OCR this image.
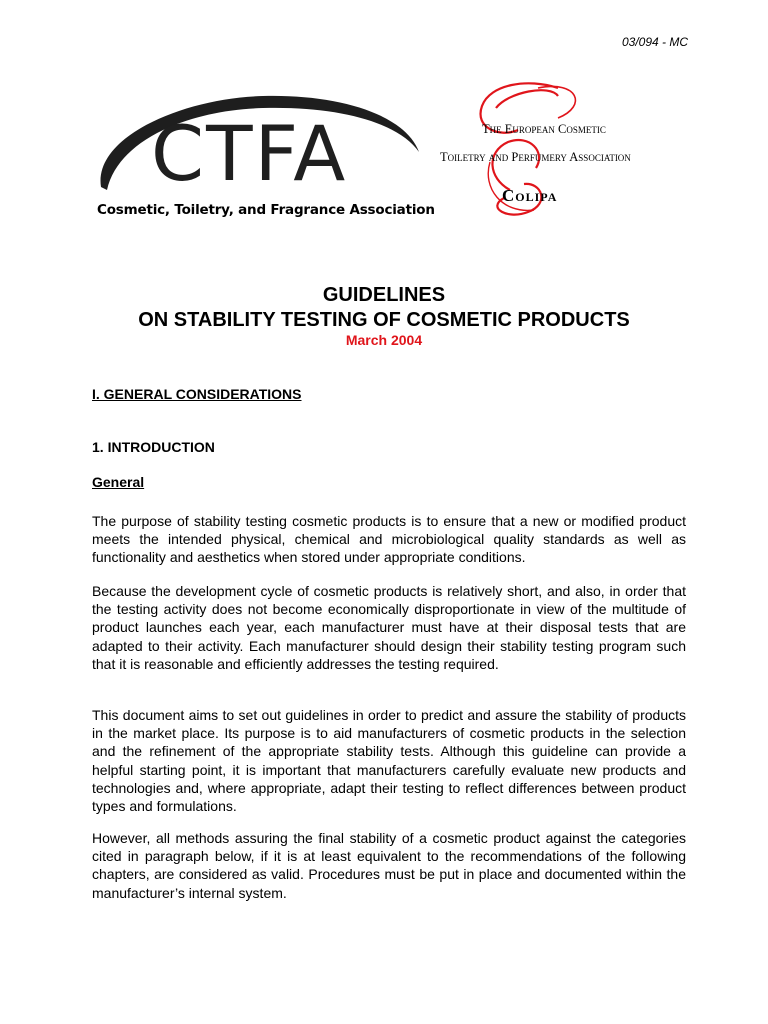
03/094 - MC
CTFA
Cosmetic, Toiletry, and Fragrance Association
The European Cosmetic
Toiletry and Perfumery Association
Colipa
GUIDELINES
ON STABILITY TESTING OF COSMETIC PRODUCTS
March 2004
I. GENERAL CONSIDERATIONS
1. INTRODUCTION
General

The purpose of stability testing cosmetic products is to ensure that a new or modified product meets the intended physical, chemical and microbiological quality standards as well as functionality and aesthetics when stored under appropriate conditions.

Because the development cycle of cosmetic products is relatively short, and also, in order that the testing activity does not become economically disproportionate in view of the multitude of product launches each year, each manufacturer must have at their disposal tests that are adapted to their activity. Each manufacturer should design their stability testing program such that it is reasonable and efficiently addresses the testing required.

This document aims to set out guidelines in order to predict and assure the stability of products in the market place. Its purpose is to aid manufacturers of cosmetic products in the selection and the refinement of the appropriate stability tests. Although this guideline can provide a helpful starting point, it is important that manufacturers carefully evaluate new products and technologies and, where appropriate, adapt their testing to reflect differences between product types and formulations.

However, all methods assuring the final stability of a cosmetic product against the categories cited in paragraph below, if it is at least equivalent to the recommendations of the following chapters, are considered as valid. Procedures must be put in place and documented within the manufacturer’s internal system.
